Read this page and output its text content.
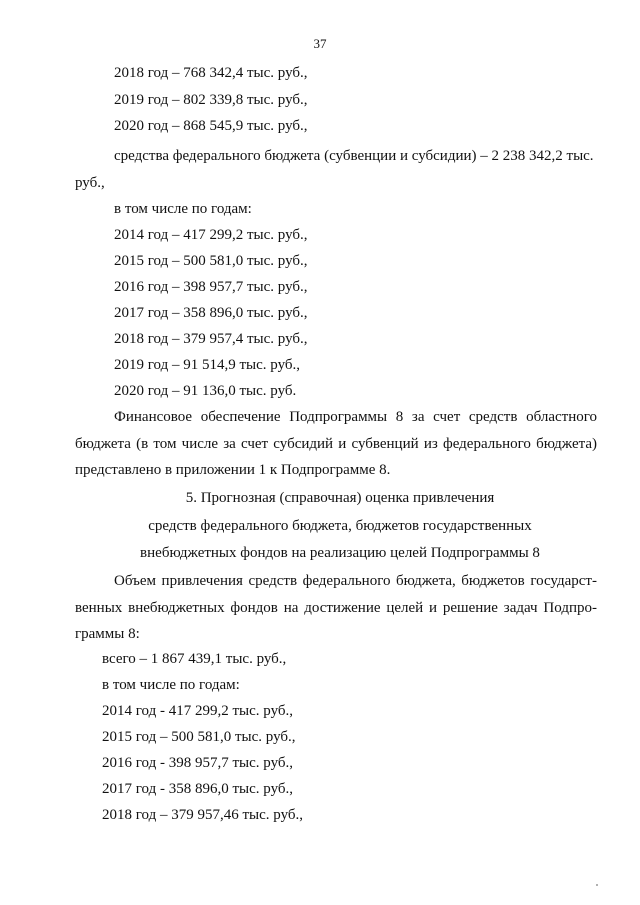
37
2018 год – 768 342,4 тыс. руб.,
2019 год – 802 339,8 тыс. руб.,
2020 год – 868 545,9 тыс. руб.,
средства федерального бюджета (субвенции и субсидии) – 2 238 342,2 тыс.
руб.,
в том числе по годам:
2014 год – 417 299,2 тыс. руб.,
2015 год – 500 581,0 тыс. руб.,
2016 год – 398 957,7 тыс. руб.,
2017 год – 358 896,0 тыс. руб.,
2018 год – 379 957,4 тыс. руб.,
2019 год – 91 514,9 тыс. руб.,
2020 год – 91 136,0 тыс. руб.
Финансовое обеспечение Подпрограммы 8 за счет средств областного
бюджета (в том числе за счет субсидий и субвенций из федерального бюджета)
представлено в приложении 1 к Подпрограмме 8.
5. Прогнозная (справочная) оценка привлечения
средств федерального бюджета, бюджетов государственных
внебюджетных фондов на реализацию целей Подпрограммы 8
Объем привлечения средств федерального бюджета, бюджетов государст-
венных внебюджетных фондов на достижение целей и решение задач Подпро-
граммы 8:
всего – 1 867 439,1 тыс. руб.,
в том числе по годам:
2014 год - 417 299,2 тыс. руб.,
2015 год – 500 581,0 тыс. руб.,
2016 год - 398 957,7 тыс. руб.,
2017 год - 358 896,0 тыс. руб.,
2018 год – 379 957,46 тыс. руб.,
